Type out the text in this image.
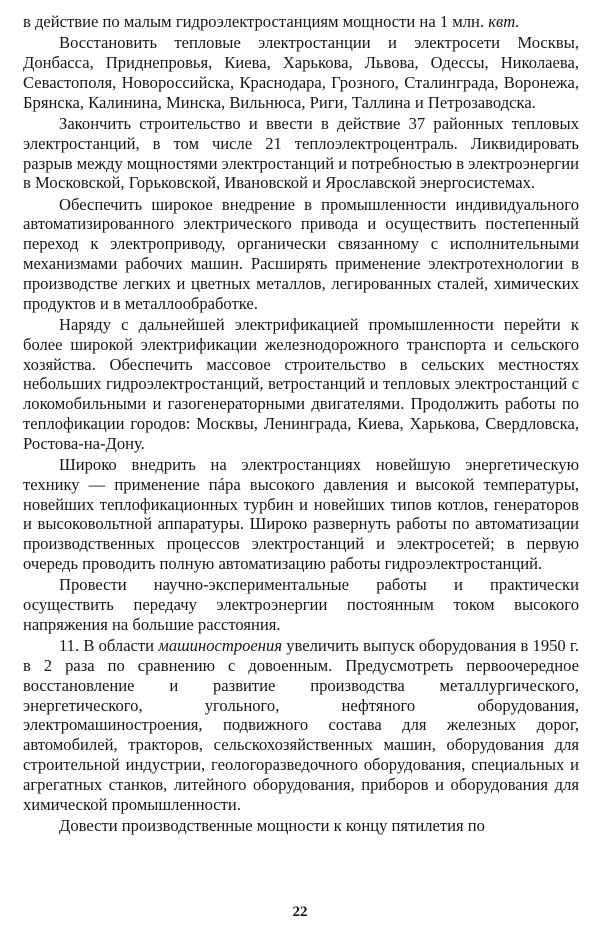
в действие по малым гидроэлектростанциям мощности на 1 млн. квт.

Восстановить тепловые электростанции и электросети Москвы, Донбасса, Приднепровья, Киева, Харькова, Львова, Одессы, Николаева, Севастополя, Новороссийска, Краснодара, Грозного, Сталинграда, Воронежа, Брянска, Калинина, Минска, Вильнюса, Риги, Таллина и Петрозаводска.

Закончить строительство и ввести в действие 37 районных тепловых электростанций, в том числе 21 теплоэлектроцентраль. Ликвидировать разрыв между мощностями электростанций и потребностью в электроэнергии в Московской, Горьковской, Ивановской и Ярославской энергосистемах.

Обеспечить широкое внедрение в промышленности индивидуального автоматизированного электрического привода и осуществить постепенный переход к электроприводу, органически связанному с исполнительными механизмами рабочих машин. Расширять применение электротехнологии в производстве легких и цветных металлов, легированных сталей, химических продуктов и в металлообработке.

Наряду с дальнейшей электрификацией промышленности перейти к более широкой электрификации железнодорожного транспорта и сельского хозяйства. Обеспечить массовое строительство в сельских местностях небольших гидроэлектростанций, ветростанций и тепловых электростанций с локомобильными и газогенераторными двигателями. Продолжить работы по теплофикации городов: Москвы, Ленинграда, Киева, Харькова, Свердловска, Ростова-на-Дону.

Широко внедрить на электростанциях новейшую энергетическую технику — применение пáра высокого давления и высокой температуры, новейших теплофикационных турбин и новейших типов котлов, генераторов и высоковольтной аппаратуры. Широко развернуть работы по автоматизации производственных процессов электростанций и электросетей; в первую очередь проводить полную автоматизацию работы гидроэлектростанций.

Провести научно-экспериментальные работы и практически осуществить передачу электроэнергии постоянным током высокого напряжения на большие расстояния.

11. В области машиностроения увеличить выпуск оборудования в 1950 г. в 2 раза по сравнению с довоенным. Предусмотреть первоочередное восстановление и развитие производства металлургического, энергетического, угольного, нефтяного оборудования, электромашиностроения, подвижного состава для железных дорог, автомобилей, тракторов, сельскохозяйственных машин, оборудования для строительной индустрии, геологоразведочного оборудования, специальных и агрегатных станков, литейного оборудования, приборов и оборудования для химической промышленности.

Довести производственные мощности к концу пятилетия по

22
